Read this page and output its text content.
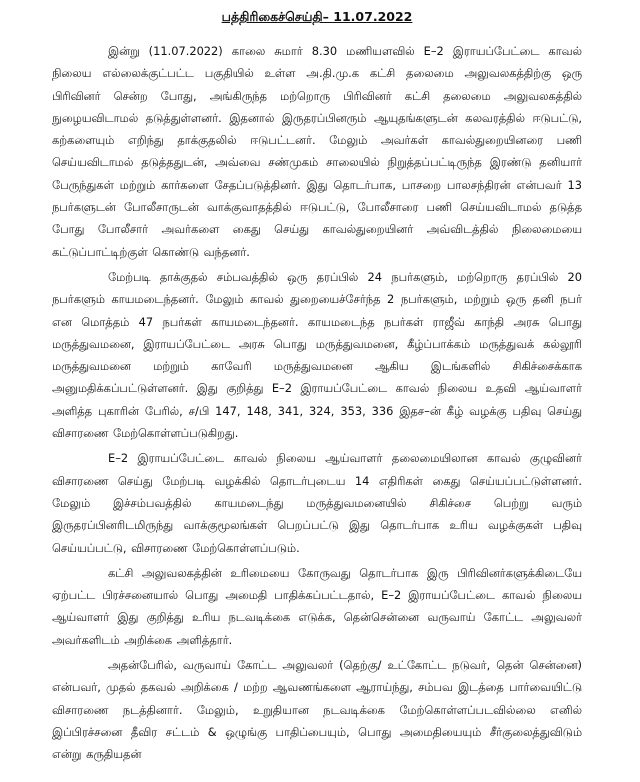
பத்திரிகைச்செய்தி– 11.07.2022

இன்று (11.07.2022) காலை சுமார் 8.30 மணியளவில் E–2 இராயப்பேட்டை காவல் நிலைய எல்லைக்குட்பட்ட பகுதியில் உள்ள அ.தி.மு.க கட்சி தலைமை அலுவலகத்திற்கு ஒரு பிரிவினர் சென்ற போது, அங்கிருந்த மற்றொரு பிரிவினர் கட்சி தலைமை அலுவலகத்தில் நுழையவிடாமல் தடுத்துள்ளனர். இதனால் இருதரப்பினரும் ஆயுதங்களுடன் கலவரத்தில் ஈடுபட்டு, கற்களையும் எறிந்து தாக்குதலில் ஈடுபட்டனர். மேலும் அவர்கள் காவல்துறையினரை பணி செய்யவிடாமல் தடுத்ததுடன், அவ்வை சண்முகம் சாலையில் நிறுத்தப்பட்டிருந்த இரண்டு தனியார் பேருந்துகள் மற்றும் கார்களை சேதப்படுத்தினர். இது தொடர்பாக, பாசறை பாலசந்திரன் என்பவர் 13 நபர்களுடன் போலீசாருடன் வாக்குவாதத்தில் ஈடுபட்டு, போலீசாரை பணி செய்யவிடாமல் தடுத்த போது போலீசார் அவர்களை கைது செய்து காவல்துறையினர் அவ்விடத்தில் நிலைமையை கட்டுப்பாட்டிற்குள் கொண்டு வந்தனர்.

மேற்படி தாக்குதல் சம்பவத்தில் ஒரு தரப்பில் 24 நபர்களும், மற்றொரு தரப்பில் 20 நபர்களும் காயமடைந்தனர். மேலும் காவல் துறையைச்சேர்ந்த 2 நபர்களும், மற்றும் ஒரு தனி நபர் என மொத்தம் 47 நபர்கள் காயமடைந்தனர். காயமடைந்த நபர்கள் ராஜீவ் காந்தி அரசு பொது மருத்துவமனை, இராயப்பேட்டை அரசு பொது மருத்துவமனை, கீழ்ப்பாக்கம் மருத்துவக் கல்லூரி மருத்துவமனை மற்றும் காவேரி மருத்துவமனை ஆகிய இடங்களில் சிகிச்சைக்காக அனுமதிக்கப்பட்டுள்ளனர். இது குறித்து E–2 இராயப்பேட்டை காவல் நிலைய உதவி ஆய்வாளர் அளித்த புகாரின் பேரில், ச/பி 147, 148, 341, 324, 353, 336 இதச–ன் கீழ் வழக்கு பதிவு செய்து விசாரணை மேற்கொள்ளப்படுகிறது.

E–2 இராயப்பேட்டை காவல் நிலைய ஆய்வாளர் தலைமையிலான காவல் குழுவினர் விசாரணை செய்து மேற்படி வழக்கில் தொடர்புடைய 14 எதிரிகள் கைது செய்யப்பட்டுள்ளனர். மேலும் இச்சம்பவத்தில் காயமடைந்து மருத்துவமனையில் சிகிச்சை பெற்று வரும் இருதரப்பினரிடமிருந்து வாக்குமூலங்கள் பெறப்பட்டு இது தொடர்பாக உரிய வழக்குகள் பதிவு செய்யப்பட்டு, விசாரணை மேற்கொள்ளப்படும்.

கட்சி அலுவலகத்தின் உரிமையை கோருவது தொடர்பாக இரு பிரிவினர்களுக்கிடையே ஏற்பட்ட பிரச்சனையால் பொது அமைதி பாதிக்கப்பட்டதால், E–2 இராயப்பேட்டை காவல் நிலைய ஆய்வாளர் இது குறித்து உரிய நடவடிக்கை எடுக்க, தென்சென்னை வருவாய் கோட்ட அலுவலர் அவர்களிடம் அறிக்கை அளித்தார்.

அதன்பேரில், வருவாய் கோட்ட அலுவலர் (தெற்கு/ உட்கோட்ட நடுவர், தென் சென்னை) என்பவர், முதல் தகவல் அறிக்கை / மற்ற ஆவணங்களை ஆராய்ந்து, சம்பவ இடத்தை பார்வையிட்டு விசாரணை நடத்தினார். மேலும், உறுதியான நடவடிக்கை மேற்கொள்ளப்படவில்லை எனில் இப்பிரச்சனை தீவிர சட்டம் & ஒழுங்கு பாதிப்பையும், பொது அமைதியையும் சீர்குலைத்துவிடும் என்று கருதியதன்
